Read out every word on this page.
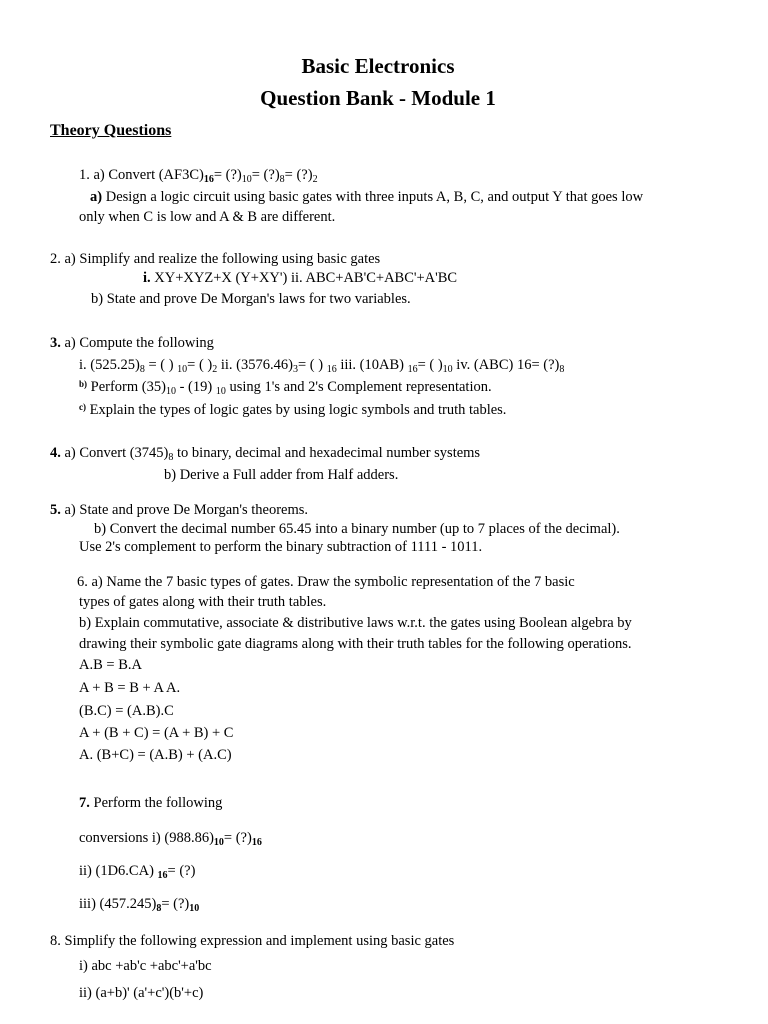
Basic Electronics
Question Bank - Module 1
Theory Questions
1. a) Convert $(AF3C)_{16}=$ $(?)_{10}=$ $(?)_8=$ $(?)_2$
a) Design a logic circuit using basic gates with three inputs A, B, C, and output Y that goes low
only when C is low and A & B are different.
2. a) Simplify and realize the following using basic gates
i. XY+XYZ+X (Y+XY') ii. ABC+AB'C+ABC'+A'BC
b) State and prove De Morgan's laws for two variables.
3. a) Compute the following
i. $(525.25)_8$ = ( ) $_{10}$= ( )$_2$ ii. $(3576.46)_3=$ ( ) $_{16}$ iii. (10AB) $_{16}$= ( )$_{10}$ iv. (ABC) $16= (?)_8$
$^{b)}$ Perform $(35)_{10} - (19)$ $_{10}$ using 1's and 2's Complement representation.
$^{c)}$ Explain the types of logic gates by using logic symbols and truth tables.
4. a) Convert $(3745)_8$ to binary, decimal and hexadecimal number systems
b) Derive a Full adder from Half adders.
5. a) State and prove De Morgan's theorems.
b) Convert the decimal number 65.45 into a binary number (up to 7 places of the decimal).
Use 2's complement to perform the binary subtraction of 1111 - 1011.
6. a) Name the 7 basic types of gates. Draw the symbolic representation of the 7 basic
types of gates along with their truth tables.
b) Explain commutative, associate & distributive laws w.r.t. the gates using Boolean algebra by
drawing their symbolic gate diagrams along with their truth tables for the following operations.
A.B = B.A
A + B = B + A A.
(B.C) = (A.B).C
A + (B + C) = (A + B) + C
A. (B+C) = (A.B) + (A.C)
7. Perform the following
conversions i) $(988.86)_{10}=$ $(?)_{16}$
ii) (1D6.CA) $_{16}$= (?)
iii) $(457.245)_8=$ $(?)_{10}$
8. Simplify the following expression and implement using basic gates
i) abc +ab'c +abc'+a'bc
ii) (a+b)' (a'+c')(b'+c)
